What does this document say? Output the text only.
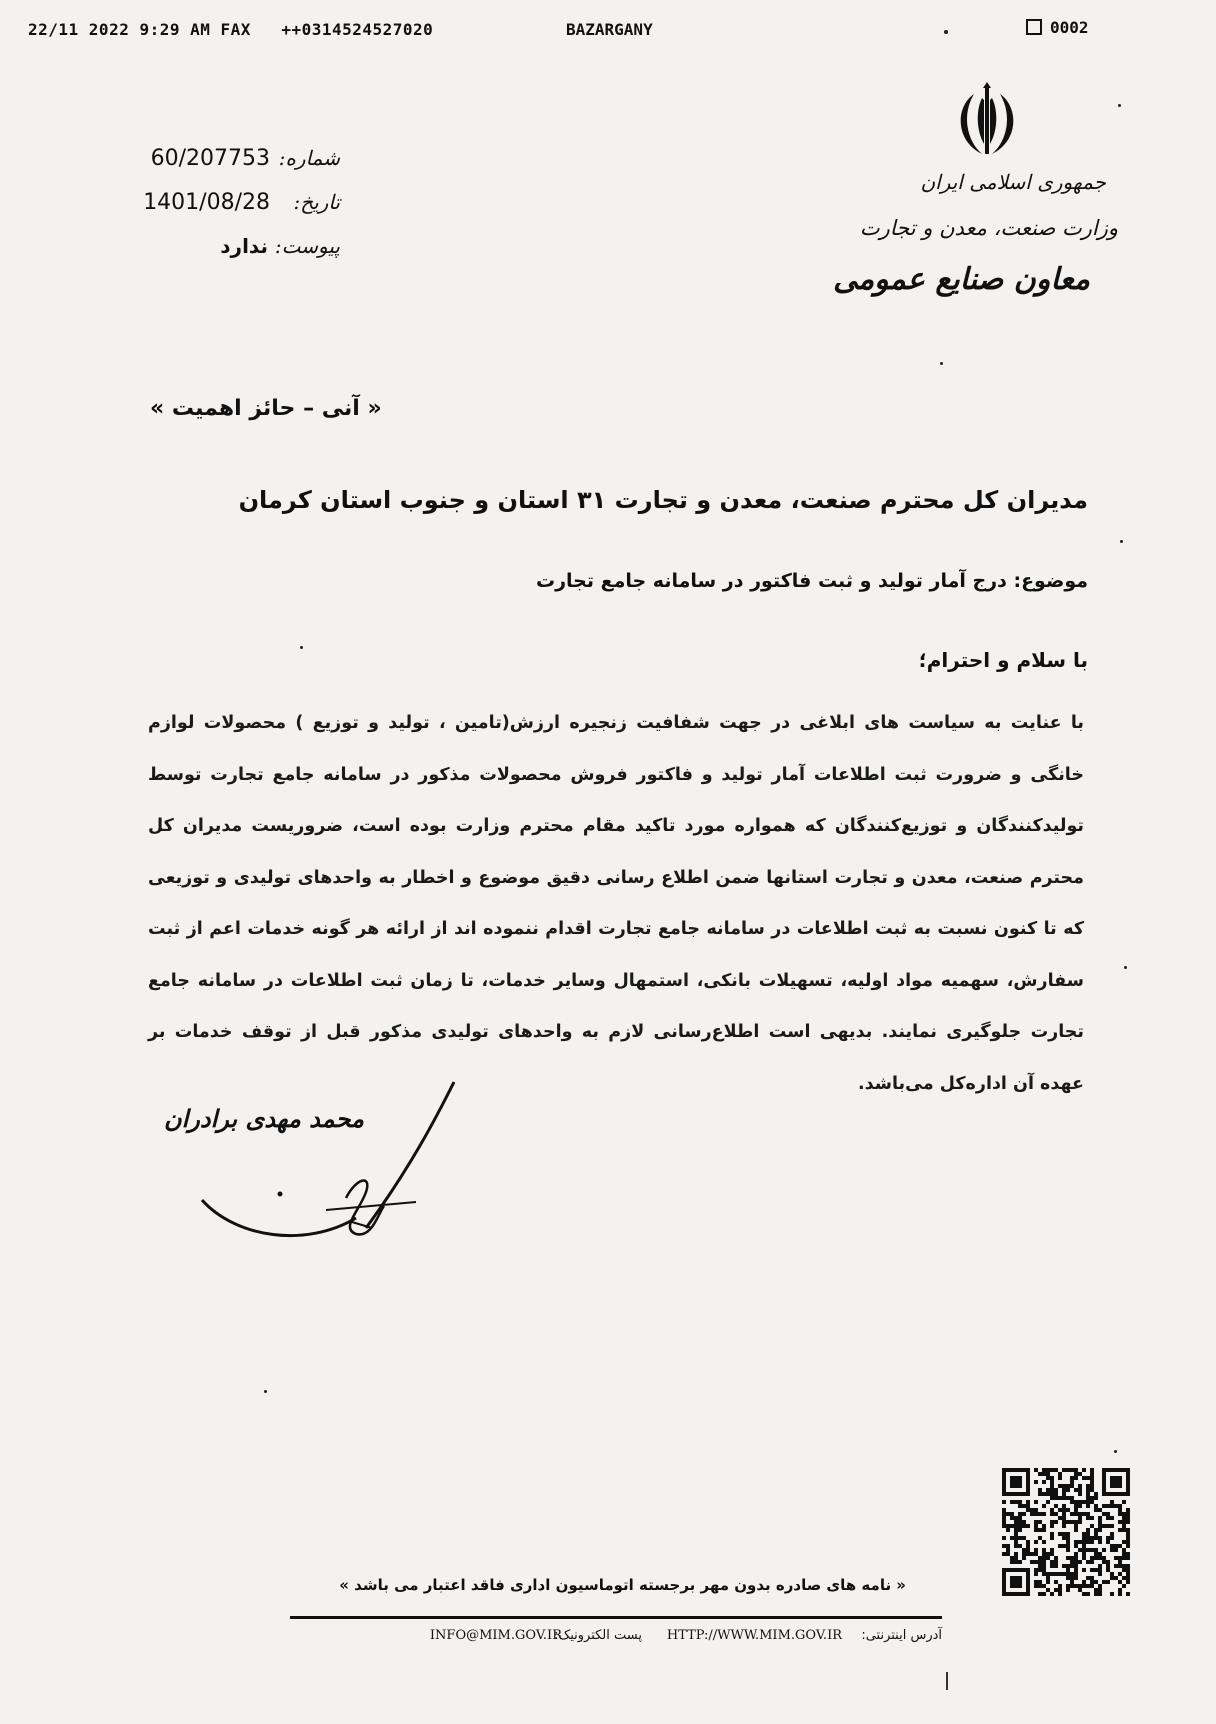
22/11 2022 9:29 AM FAX   ++0314524527020	BAZARGANY	0002
جمهوری اسلامی ایران
وزارت صنعت، معدن و تجارت
معاون صنایع عمومی
شماره:
60/207753
تاریخ:
1401/08/28
پیوست:
ندارد
« آنی – حائز اهمیت »
مدیران کل محترم صنعت، معدن و تجارت ۳۱ استان و جنوب استان کرمان
موضوع: درج آمار تولید و ثبت فاکتور در سامانه جامع تجارت
با سلام و احترام؛
با عنایت به سیاست های ابلاغی در جهت شفافیت زنجیره ارزش(تامین ، تولید و توزیع ) محصولات لوازم خانگی و ضرورت ثبت اطلاعات آمار تولید و فاکتور فروش محصولات مذکور در سامانه جامع تجارت توسط تولیدکنندگان و توزیع‌کنندگان که همواره مورد تاکید مقام محترم وزارت بوده است، ضروریست مدیران کل محترم صنعت، معدن و تجارت استانها ضمن اطلاع رسانی دقیق موضوع و اخطار به واحدهای تولیدی و توزیعی که تا کنون نسبت به ثبت اطلاعات در سامانه جامع تجارت اقدام ننموده اند از ارائه هر گونه خدمات اعم از ثبت سفارش، سهمیه مواد اولیه، تسهیلات بانکی، استمهال وسایر خدمات، تا زمان ثبت اطلاعات در سامانه جامع تجارت جلوگیری نمایند. بدیهی است اطلاع‌رسانی لازم به واحدهای تولیدی مذکور قبل از توقف خدمات بر عهده آن اداره‌کل می‌باشد.
محمد مهدی برادران
« نامه های صادره بدون مهر برجسته اتوماسیون اداری فاقد اعتبار می باشد »
آدرس اینترنتی:
HTTP://WWW.MIM.GOV.IR
پست الکترونیک:
INFO@MIM.GOV.IR
